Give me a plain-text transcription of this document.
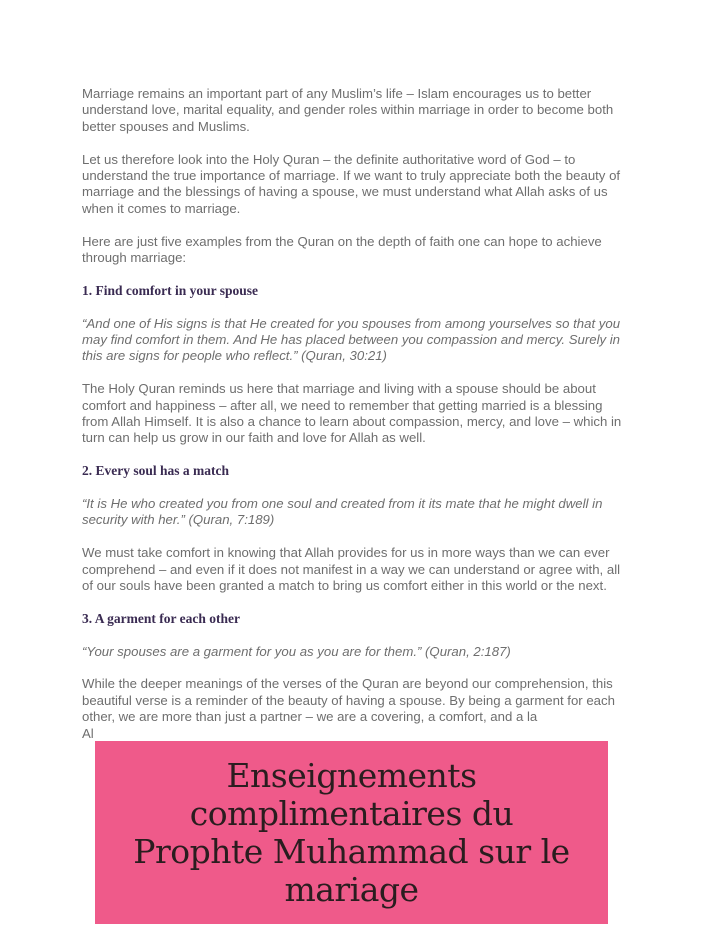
Marriage remains an important part of any Muslim’s life – Islam encourages us to better understand love, marital equality, and gender roles within marriage in order to become both better spouses and Muslims.

Let us therefore look into the Holy Quran – the definite authoritative word of God – to understand the true importance of marriage. If we want to truly appreciate both the beauty of marriage and the blessings of having a spouse, we must understand what Allah asks of us when it comes to marriage.

Here are just five examples from the Quran on the depth of faith one can hope to achieve through marriage:

1. Find comfort in your spouse

“And one of His signs is that He created for you spouses from among yourselves so that you may find comfort in them. And He has placed between you compassion and mercy. Surely in this are signs for people who reflect.” (Quran, 30:21)

The Holy Quran reminds us here that marriage and living with a spouse should be about comfort and happiness – after all, we need to remember that getting married is a blessing from Allah Himself. It is also a chance to learn about compassion, mercy, and love – which in turn can help us grow in our faith and love for Allah as well.

2. Every soul has a match

“It is He who created you from one soul and created from it its mate that he might dwell in security with her.” (Quran, 7:189)

We must take comfort in knowing that Allah provides for us in more ways than we can ever comprehend – and even if it does not manifest in a way we can understand or agree with, all of our souls have been granted a match to bring us comfort either in this world or the next.

3. A garment for each other

“Your spouses are a garment for you as you are for them.” (Quran, 2:187)

While the deeper meanings of the verses of the Quran are beyond our comprehension, this beautiful verse is a reminder of the beauty of having a spouse. By being a garment for each other, we are more than just a partner – we are a covering, a comfort, and a la

Al

Enseignements complimentaires du Prophte Muhammad sur le mariage
